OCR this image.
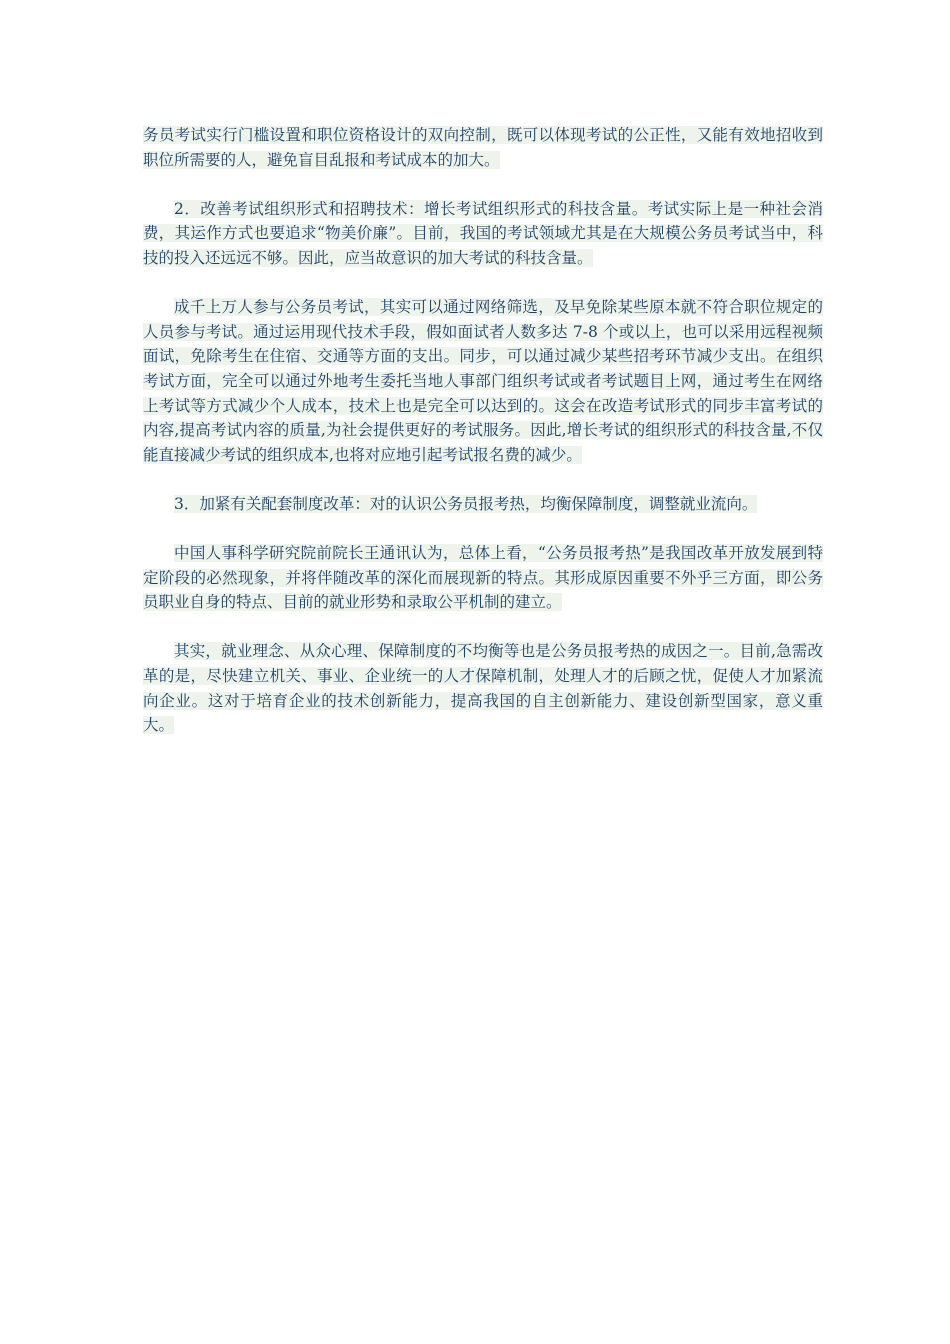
务员考试实行门槛设置和职位资格设计的双向控制，既可以体现考试的公正性，又能有效地招收到职位所需要的人，避免盲目乱报和考试成本的加大。

2．改善考试组织形式和招聘技术：增长考试组织形式的科技含量。考试实际上是一种社会消费，其运作方式也要追求“物美价廉”。目前，我国的考试领域尤其是在大规模公务员考试当中，科技的投入还远远不够。因此，应当故意识的加大考试的科技含量。

成千上万人参与公务员考试，其实可以通过网络筛选，及早免除某些原本就不符合职位规定的人员参与考试。通过运用现代技术手段，假如面试者人数多达 7-8 个或以上，也可以采用远程视频面试，免除考生在住宿、交通等方面的支出。同步，可以通过减少某些招考环节减少支出。在组织考试方面，完全可以通过外地考生委托当地人事部门组织考试或者考试题目上网，通过考生在网络上考试等方式减少个人成本，技术上也是完全可以达到的。这会在改造考试形式的同步丰富考试的内容,提高考试内容的质量,为社会提供更好的考试服务。因此,增长考试的组织形式的科技含量,不仅能直接减少考试的组织成本,也将对应地引起考试报名费的减少。

3．加紧有关配套制度改革：对的认识公务员报考热，均衡保障制度，调整就业流向。

中国人事科学研究院前院长王通讯认为，总体上看，“公务员报考热”是我国改革开放发展到特定阶段的必然现象，并将伴随改革的深化而展现新的特点。其形成原因重要不外乎三方面，即公务员职业自身的特点、目前的就业形势和录取公平机制的建立。

其实，就业理念、从众心理、保障制度的不均衡等也是公务员报考热的成因之一。目前,急需改革的是，尽快建立机关、事业、企业统一的人才保障机制，处理人才的后顾之忧，促使人才加紧流向企业。这对于培育企业的技术创新能力，提高我国的自主创新能力、建设创新型国家，意义重大。
